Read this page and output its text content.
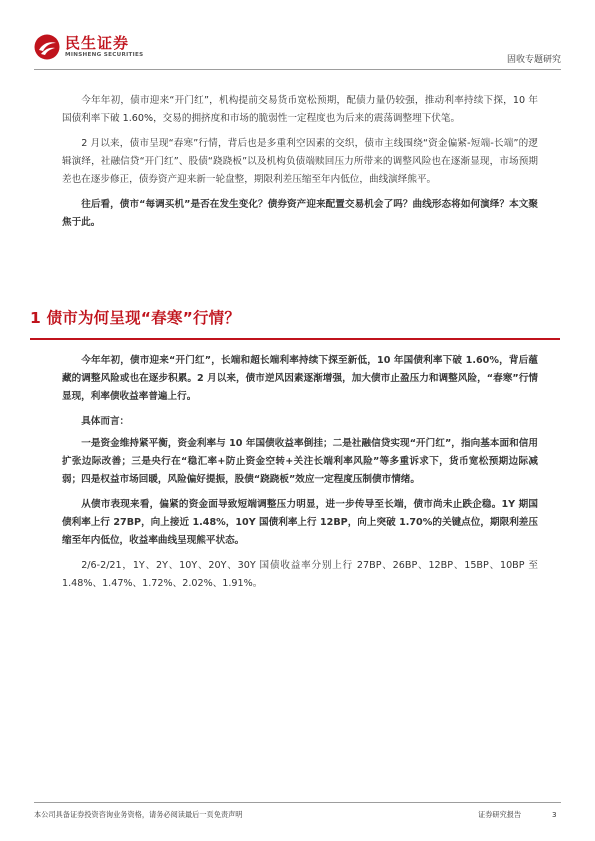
民生证券
MINSHENG SECURITIES
固收专题研究

今年年初，债市迎来“开门红”，机构提前交易货币宽松预期，配债力量仍较强，推动利率持续下探，10 年国债利率下破 1.60%，交易的拥挤度和市场的脆弱性一定程度也为后来的震荡调整埋下伏笔。

2 月以来，债市呈现“春寒”行情，背后也是多重利空因素的交织，债市主线围绕“资金偏紧-短端-长端”的逻辑演绎，社融信贷“开门红”、股债“跷跷板”以及机构负债端赎回压力所带来的调整风险也在逐渐显现，市场预期差也在逐步修正，债券资产迎来新一轮盘整，期限利差压缩至年内低位，曲线演绎熊平。

往后看，债市“每调买机”是否在发生变化？债券资产迎来配置交易机会了吗？曲线形态将如何演绎？本文聚焦于此。

1 债市为何呈现“春寒”行情？

今年年初，债市迎来“开门红”，长端和超长端利率持续下探至新低，10 年国债利率下破 1.60%，背后蕴藏的调整风险或也在逐步积累。2 月以来，债市逆风因素逐渐增强，加大债市止盈压力和调整风险，“春寒”行情显现，利率债收益率普遍上行。

具体而言：

一是资金维持紧平衡，资金利率与 10 年国债收益率倒挂；二是社融信贷实现“开门红”，指向基本面和信用扩张边际改善；三是央行在“稳汇率+防止资金空转+关注长端利率风险”等多重诉求下，货币宽松预期边际减弱；四是权益市场回暖，风险偏好提振，股债“跷跷板”效应一定程度压制债市情绪。

从债市表现来看，偏紧的资金面导致短端调整压力明显，进一步传导至长端，债市尚未止跌企稳。1Y 期国债利率上行 27BP，向上接近 1.48%，10Y 国债利率上行 12BP，向上突破 1.70%的关键点位，期限利差压缩至年内低位，收益率曲线呈现熊平状态。

2/6-2/21，1Y、2Y、10Y、20Y、30Y 国债收益率分别上行 27BP、26BP、12BP、15BP、10BP 至 1.48%、1.47%、1.72%、2.02%、1.91%。

本公司具备证券投资咨询业务资格，请务必阅读最后一页免责声明	证券研究报告	3
